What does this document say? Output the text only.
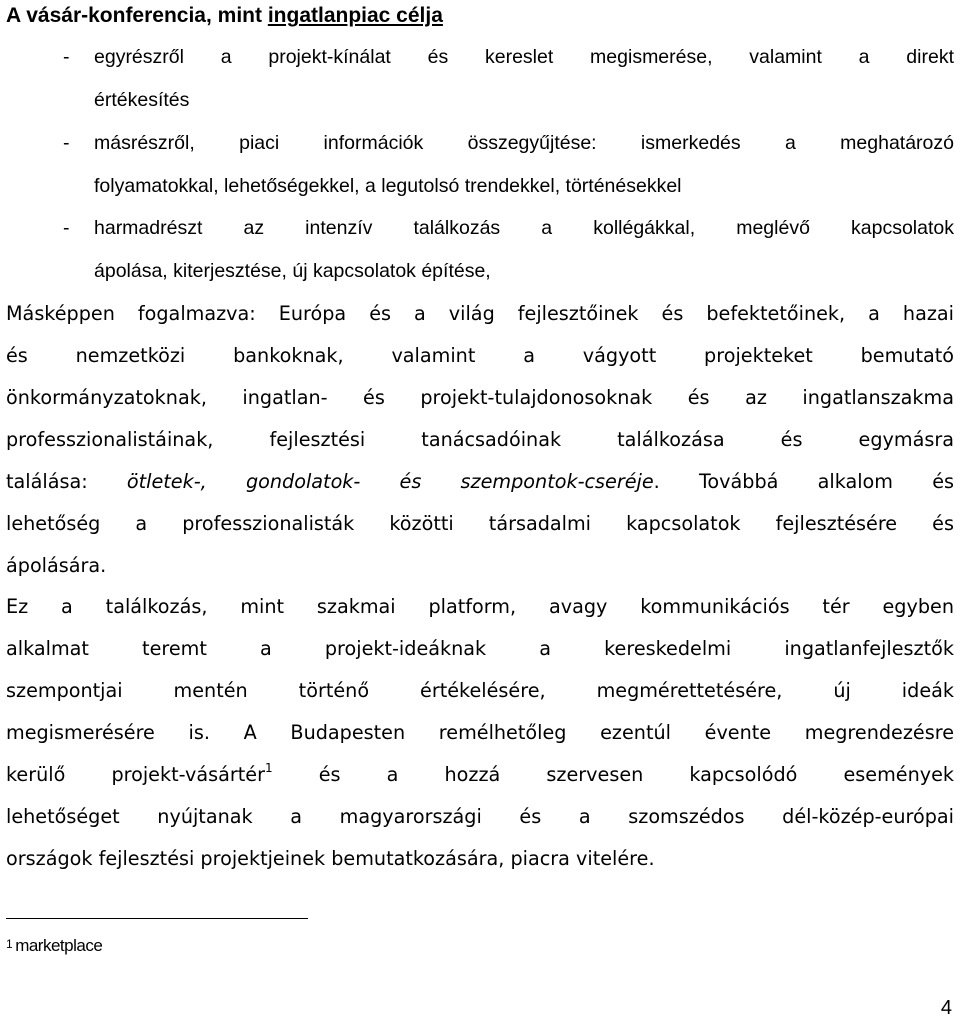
A vásár-konferencia, mint ingatlanpiac célja
- egyrészről a projekt-kínálat és kereslet megismerése, valamint a direkt
értékesítés
- másrészről, piaci információk összegyűjtése: ismerkedés a meghatározó
folyamatokkal, lehetőségekkel, a legutolsó trendekkel, történésekkel
- harmadrészt az intenzív találkozás a kollégákkal, meglévő kapcsolatok
ápolása, kiterjesztése, új kapcsolatok építése,
Másképpen fogalmazva: Európa és a világ fejlesztőinek és befektetőinek, a hazai
és nemzetközi bankoknak, valamint a vágyott projekteket bemutató
önkormányzatoknak, ingatlan- és projekt-tulajdonosoknak és az ingatlanszakma
professzionalistáinak, fejlesztési tanácsadóinak találkozása és egymásra
találása: ötletek-, gondolatok- és szempontok-cseréje. Továbbá alkalom és
lehetőség a professzionalisták közötti társadalmi kapcsolatok fejlesztésére és
ápolására.
Ez a találkozás, mint szakmai platform, avagy kommunikációs tér egyben
alkalmat teremt a projekt-ideáknak a kereskedelmi ingatlanfejlesztők
szempontjai mentén történő értékelésére, megmérettetésére, új ideák
megismerésére is. A Budapesten remélhetőleg ezentúl évente megrendezésre
kerülő projekt-vásártér$^1$ és a hozzá szervesen kapcsolódó események
lehetőséget nyújtanak a magyarországi és a szomszédos dél-közép-európai
országok fejlesztési projektjeinek bemutatkozására, piacra vitelére.

1 marketplace

4
